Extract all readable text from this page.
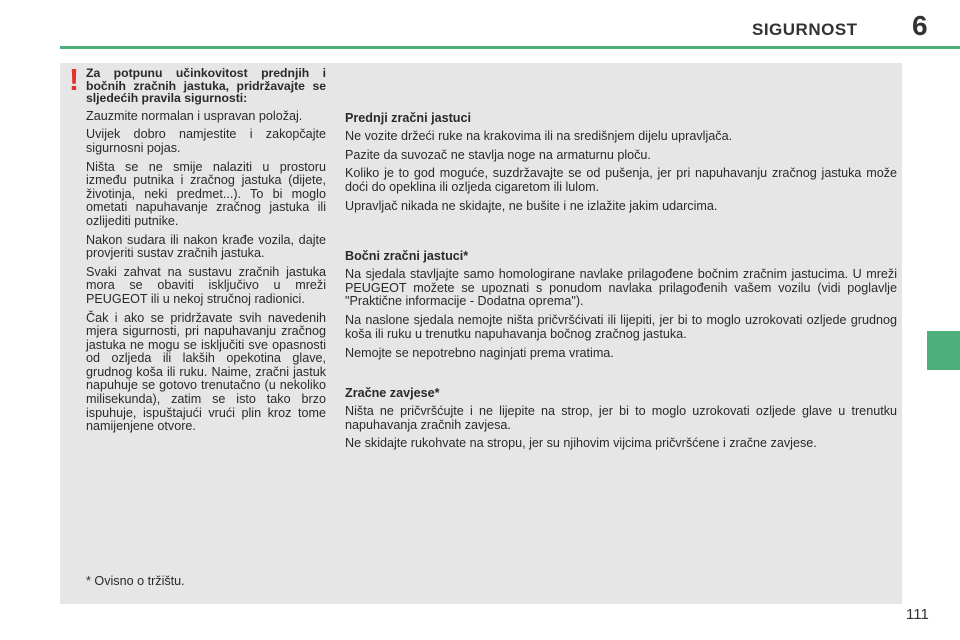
SIGURNOST 6
! Za potpunu učinkovitost prednjih i bočnih zračnih jastuka, pridržavajte se sljedećih pravila sigurnosti:

Zauzmite normalan i uspravan položaj.

Uvijek dobro namjestite i zakopčajte sigurnosni pojas.

Ništa se ne smije nalaziti u prostoru između putnika i zračnog jastuka (dijete, životinja, neki predmet...). To bi moglo ometati napuhavanje zračnog jastuka ili ozlijediti putnike.

Nakon sudara ili nakon krađe vozila, dajte provjeriti sustav zračnih jastuka.

Svaki zahvat na sustavu zračnih jastuka mora se obaviti isključivo u mreži PEUGEOT ili u nekoj stručnoj radionici.

Čak i ako se pridržavate svih navedenih mjera sigurnosti, pri napuhavanju zračnog jastuka ne mogu se isključiti sve opasnosti od ozljeda ili lakših opekotina glave, grudnog koša ili ruku. Naime, zračni jastuk napuhuje se gotovo trenutačno (u nekoliko milisekunda), zatim se isto tako brzo ispuhuje, ispuštajući vrući plin kroz tome namijenjene otvore.

Prednji zračni jastuci

Ne vozite držeći ruke na krakovima ili na središnjem dijelu upravljača.

Pazite da suvozač ne stavlja noge na armaturnu ploču.

Koliko je to god moguće, suzdržavajte se od pušenja, jer pri napuhavanju zračnog jastuka može doći do opeklina ili ozljeda cigaretom ili lulom.

Upravljač nikada ne skidajte, ne bušite i ne izlažite jakim udarcima.

Bočni zračni jastuci*

Na sjedala stavljajte samo homologirane navlake prilagođene bočnim zračnim jastucima. U mreži PEUGEOT možete se upoznati s ponudom navlaka prilagođenih vašem vozilu (vidi poglavlje "Praktične informacije - Dodatna oprema").

Na naslone sjedala nemojte ništa pričvršćivati ili lijepiti, jer bi to moglo uzrokovati ozljede grudnog koša ili ruku u trenutku napuhavanja bočnog zračnog jastuka.

Nemojte se nepotrebno naginjati prema vratima.

Zračne zavjese*

Ništa ne pričvršćujte i ne lijepite na strop, jer bi to moglo uzrokovati ozljede glave u trenutku napuhavanja zračnih zavjesa.

Ne skidajte rukohvate na stropu, jer su njihovim vijcima pričvršćene i zračne zavjese.

* Ovisno o tržištu.
111
